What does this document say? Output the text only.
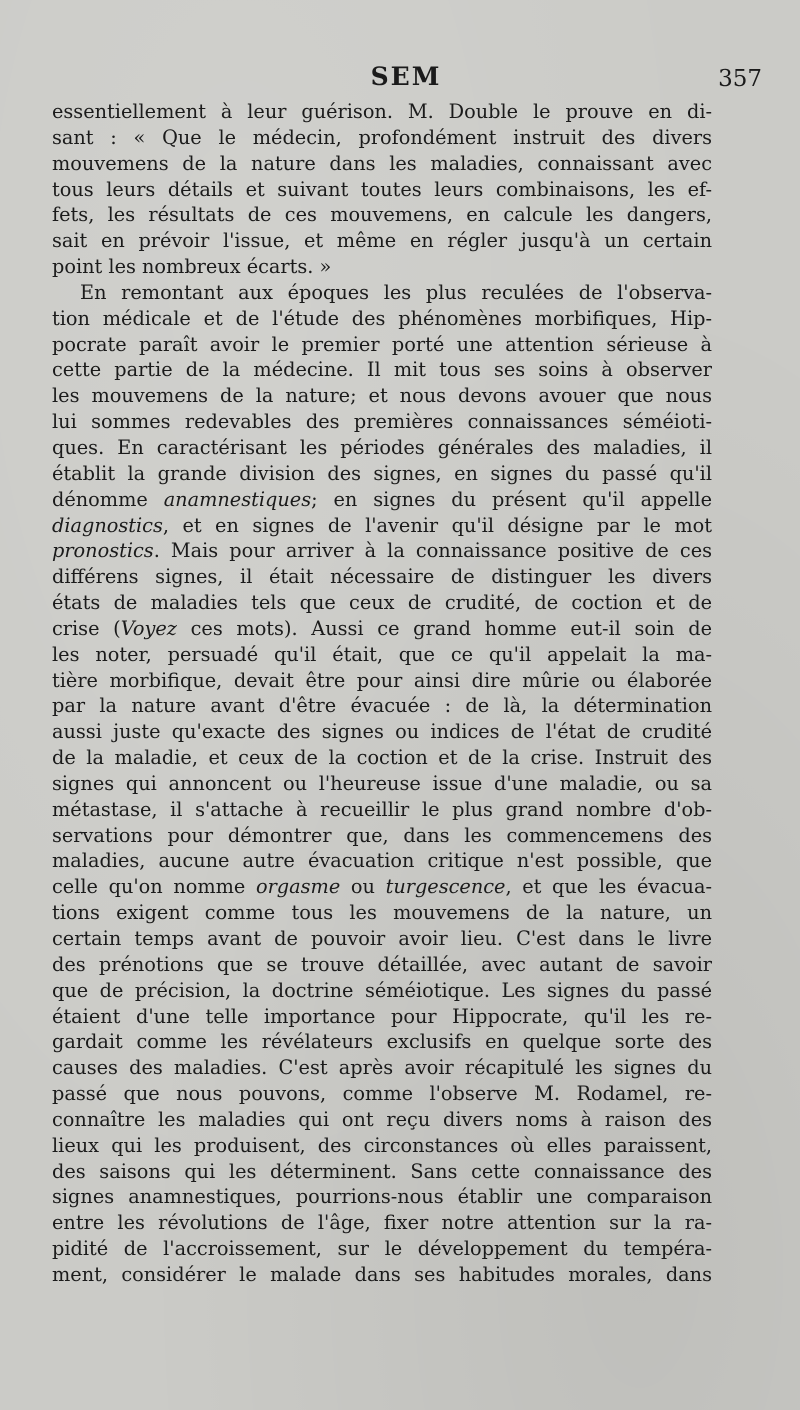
SEM	357
essentiellement à leur guérison. M. Double le prouve en di-
sant : « Que le médecin, profondément instruit des divers
mouvemens de la nature dans les maladies, connaissant avec
tous leurs détails et suivant toutes leurs combinaisons, les ef-
fets, les résultats de ces mouvemens, en calcule les dangers,
sait en prévoir l'issue, et même en régler jusqu'à un certain
point les nombreux écarts. »
En remontant aux époques les plus reculées de l'observa-
tion médicale et de l'étude des phénomènes morbifiques, Hip-
pocrate paraît avoir le premier porté une attention sérieuse à
cette partie de la médecine. Il mit tous ses soins à observer
les mouvemens de la nature; et nous devons avouer que nous
lui sommes redevables des premières connaissances séméioti-
ques. En caractérisant les périodes générales des maladies, il
établit la grande division des signes, en signes du passé qu'il
dénomme anamnestiques; en signes du présent qu'il appelle
diagnostics, et en signes de l'avenir qu'il désigne par le mot
pronostics. Mais pour arriver à la connaissance positive de ces
différens signes, il était nécessaire de distinguer les divers
états de maladies tels que ceux de crudité, de coction et de
crise (Voyez ces mots). Aussi ce grand homme eut-il soin de
les noter, persuadé qu'il était, que ce qu'il appelait la ma-
tière morbifique, devait être pour ainsi dire mûrie ou élaborée
par la nature avant d'être évacuée : de là, la détermination
aussi juste qu'exacte des signes ou indices de l'état de crudité
de la maladie, et ceux de la coction et de la crise. Instruit des
signes qui annoncent ou l'heureuse issue d'une maladie, ou sa
métastase, il s'attache à recueillir le plus grand nombre d'ob-
servations pour démontrer que, dans les commencemens des
maladies, aucune autre évacuation critique n'est possible, que
celle qu'on nomme orgasme ou turgescence, et que les évacua-
tions exigent comme tous les mouvemens de la nature, un
certain temps avant de pouvoir avoir lieu. C'est dans le livre
des prénotions que se trouve détaillée, avec autant de savoir
que de précision, la doctrine séméiotique. Les signes du passé
étaient d'une telle importance pour Hippocrate, qu'il les re-
gardait comme les révélateurs exclusifs en quelque sorte des
causes des maladies. C'est après avoir récapitulé les signes du
passé que nous pouvons, comme l'observe M. Rodamel, re-
connaître les maladies qui ont reçu divers noms à raison des
lieux qui les produisent, des circonstances où elles paraissent,
des saisons qui les déterminent. Sans cette connaissance des
signes anamnestiques, pourrions-nous établir une comparaison
entre les révolutions de l'âge, fixer notre attention sur la ra-
pidité de l'accroissement, sur le développement du tempéra-
ment, considérer le malade dans ses habitudes morales, dans
